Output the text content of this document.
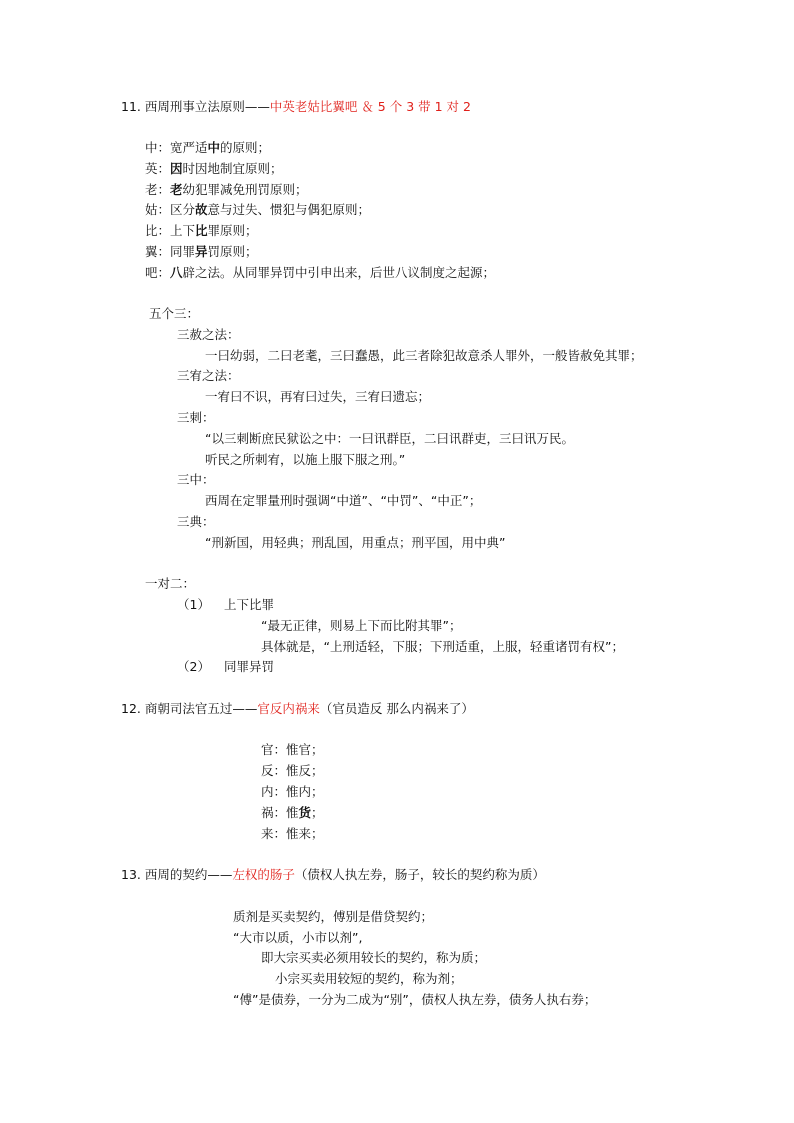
11. 西周刑事立法原则——中英老姑比翼吧 ＆ 5 个 3 带 1 对 2
中：宽严适中的原则；
英：因时因地制宜原则；
老：老幼犯罪减免刑罚原则；
姑：区分故意与过失、惯犯与偶犯原则；
比：上下比罪原则；
翼：同罪异罚原则；
吧：八辟之法。从同罪异罚中引申出来，后世八议制度之起源；
五个三：
三赦之法：
一曰幼弱，二曰老耄，三曰蠢愚，此三者除犯故意杀人罪外，一般皆赦免其罪；
三宥之法：
一宥曰不识，再宥曰过失，三宥曰遗忘；
三刺：
“以三刺断庶民狱讼之中：一曰讯群臣，二曰讯群吏，三曰讯万民。
听民之所刺宥，以施上服下服之刑。”
三中：
西周在定罪量刑时强调“中道”、“中罚”、“中正”；
三典：
“刑新国，用轻典；刑乱国，用重点；刑平国，用中典”
一对二：
（1） 上下比罪
“最无正律，则易上下而比附其罪”；
具体就是，“上刑适轻，下服；下刑适重，上服，轻重诸罚有权”；
（2） 同罪异罚
12. 商朝司法官五过——官反内祸来（官员造反 那么内祸来了）
官：惟官；
反：惟反；
内：惟内；
祸：惟货；
来：惟来；
13. 西周的契约——左权的肠子（债权人执左券，肠子，较长的契约称为质）
质剂是买卖契约，傅别是借贷契约；
“大市以质，小市以剂”,
即大宗买卖必须用较长的契约，称为质；
小宗买卖用较短的契约，称为剂；
“傅”是债券，一分为二成为“别”，债权人执左券，债务人执右券；
